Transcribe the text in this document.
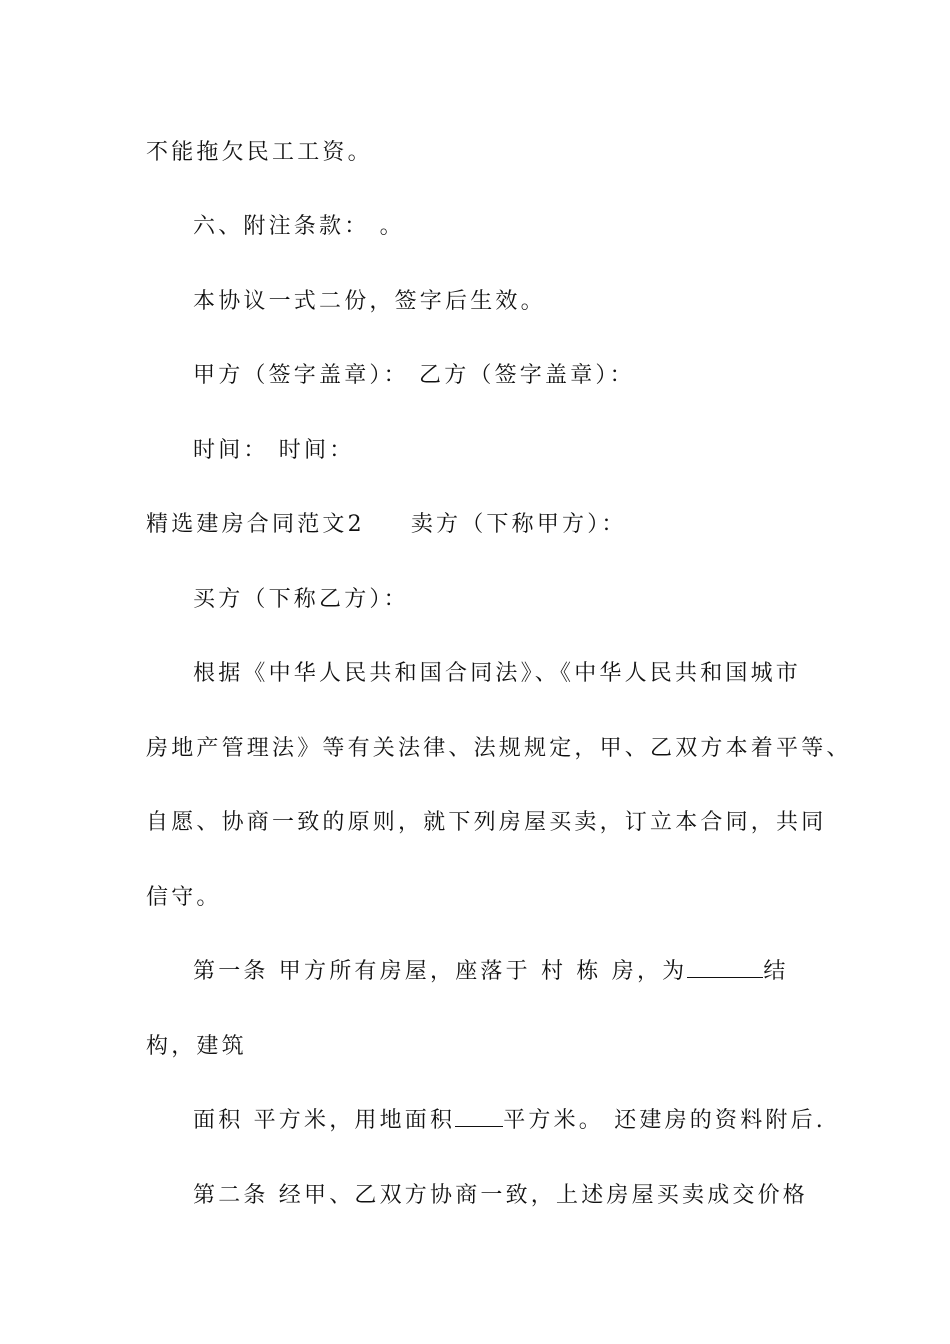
不能拖欠民工工资。
六、附注条款： 。
本协议一式二份，签字后生效。
甲方（签字盖章）： 乙方（签字盖章）：
时间： 时间：
精选建房合同范文2 卖方（下称甲方）：
买方（下称乙方）：
根据《中华人民共和国合同法》、《中华人民共和国城市
房地产管理法》等有关法律、法规规定，甲、乙双方本着平等、
自愿、协商一致的原则，就下列房屋买卖，订立本合同，共同
信守。
第一条 甲方所有房屋，座落于 村 栋 房，为	结
构，建筑
面积 平方米，用地面积 平方米。 还建房的资料附后.
第二条 经甲、乙双方协商一致，上述房屋买卖成交价格
